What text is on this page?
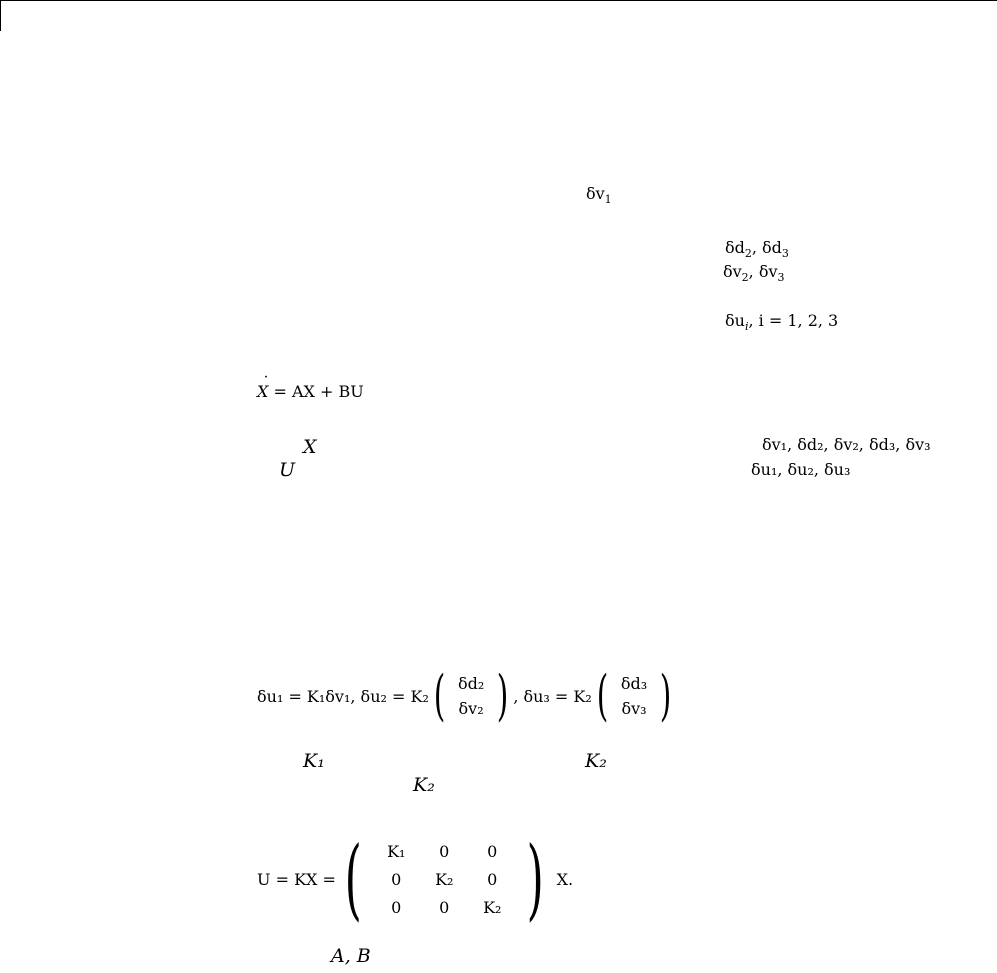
$\delta v_1$
$\delta d_2$, $\delta d_3$
$\delta v_2$, $\delta v_3$
$\delta u_i$, i = 1, 2, 3
˙ X = AX + BU
X
U
δv₁, δd₂, δv₂, δd₃, δv₃
δu₁, δu₂, δu₃
δu₁ = K₁δv₁, δu₂ = K₂ ( δd₂
δv₂ ) , δu₃ = K₂ ( δd₃
δv₃ )
K₁	K₂
K₂
U = KX = (	K₁	0	0
0	K₂	0
0	0	K₂ ) X.
A, B
